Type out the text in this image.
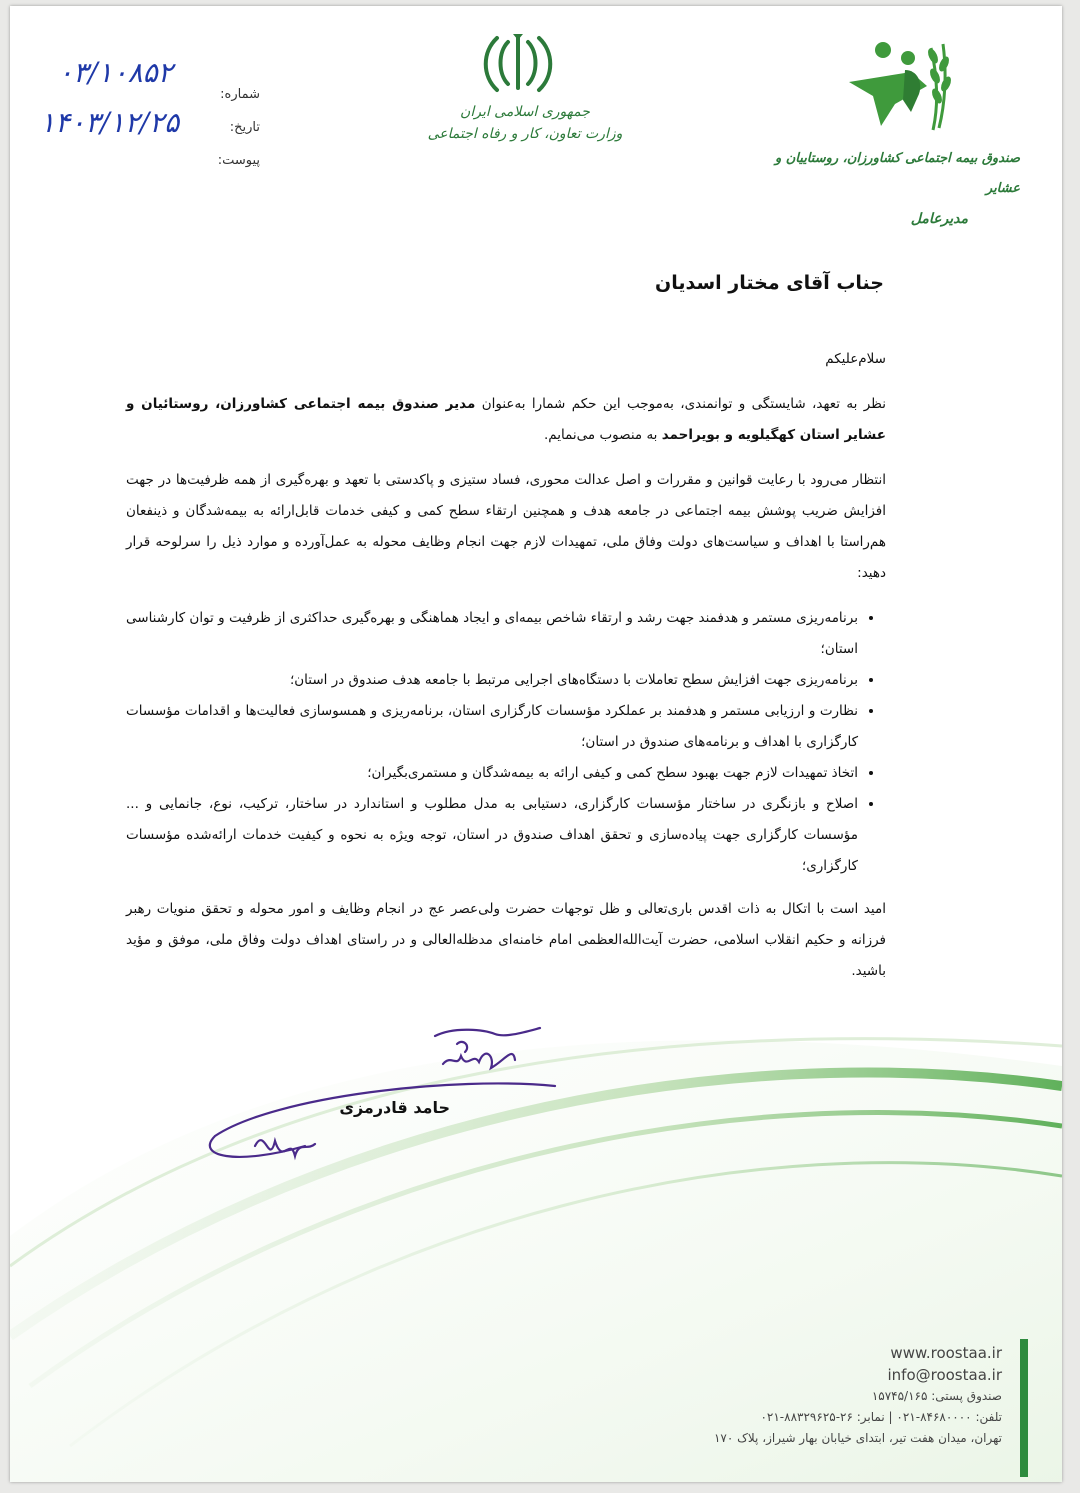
شماره:
تاریخ:
پیوست:
۰۳/۱۰۸۵۲
۱۴۰۳/۱۲/۲۵	جمهوری اسلامی ایران
وزارت تعاون، کار و رفاه اجتماعی
صندوق بیمه اجتماعی کشاورزان، روستاییان و عشایر
مدیرعامل
جناب آقای مختار اسدیان

سلام‌علیکم

نظر به تعهد، شایستگی و توانمندی، به‌موجب این حکم شمارا به‌عنوان مدیر صندوق بیمه اجتماعی کشاورزان، روستائیان و عشایر استان کهگیلویه و بویراحمد به منصوب می‌نمایم.

انتظار می‌رود با رعایت قوانین و مقررات و اصل عدالت محوری، فساد ستیزی و پاکدستی با تعهد و بهره‌گیری از همه ظرفیت‌ها در جهت افزایش ضریب پوشش بیمه اجتماعی در جامعه هدف و همچنین ارتقاء سطح کمی و کیفی خدمات قابل‌ارائه به بیمه‌شدگان و ذینفعان هم‌راستا با اهداف و سیاست‌های دولت وفاق ملی، تمهیدات لازم جهت انجام وظایف محوله به عمل‌آورده و موارد ذیل را سرلوحه قرار دهید:

• برنامه‌ریزی مستمر و هدفمند جهت رشد و ارتقاء شاخص بیمه‌ای و ایجاد هماهنگی و بهره‌گیری حداکثری از ظرفیت و توان کارشناسی استان؛
• برنامه‌ریزی جهت افزایش سطح تعاملات با دستگاه‌های اجرایی مرتبط با جامعه هدف صندوق در استان؛
• نظارت و ارزیابی مستمر و هدفمند بر عملکرد مؤسسات کارگزاری استان، برنامه‌ریزی و همسوسازی فعالیت‌ها و اقدامات مؤسسات کارگزاری با اهداف و برنامه‌های صندوق در استان؛
• اتخاذ تمهیدات لازم جهت بهبود سطح کمی و کیفی ارائه به بیمه‌شدگان و مستمری‌بگیران؛
• اصلاح و بازنگری در ساختار مؤسسات کارگزاری، دستیابی به مدل مطلوب و استاندارد در ساختار، ترکیب، نوع، جانمایی و ... مؤسسات کارگزاری جهت پیاده‌سازی و تحقق اهداف صندوق در استان، توجه ویژه به نحوه و کیفیت خدمات ارائه‌شده مؤسسات کارگزاری؛

امید است با اتکال به ذات اقدس باری‌تعالی و ظل توجهات حضرت ولی‌عصر عج در انجام وظایف و امور محوله و تحقق منویات رهبر فرزانه و حکیم انقلاب اسلامی، حضرت آیت‌الله‌العظمی امام خامنه‌ای مدظله‌العالی و در راستای اهداف دولت وفاق ملی، موفق و مؤید باشید.

حامد قادرمزی
www.roostaa.ir
info@roostaa.ir
صندوق پستی: ۱۵۷۴۵/۱۶۵
تلفن: ۸۴۶۸۰۰۰۰-۰۲۱ | نمابر: ۲۶-۸۸۳۲۹۶۲۵-۰۲۱
تهران، میدان هفت تیر، ابتدای خیابان بهار شیراز، پلاک ۱۷۰
